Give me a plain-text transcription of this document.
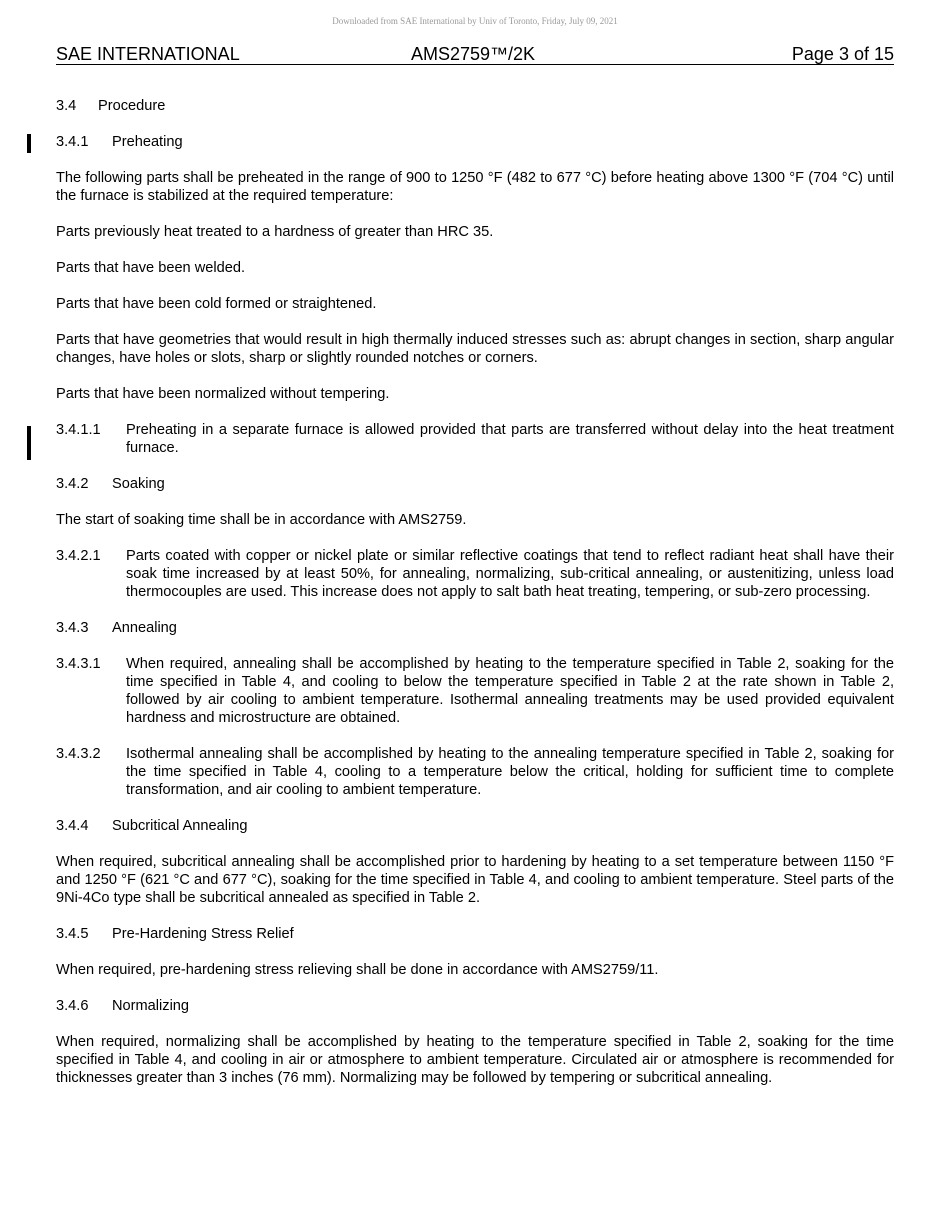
Downloaded from SAE International by Univ of Toronto, Friday, July 09, 2021
SAE INTERNATIONAL	AMS2759™/2K	Page 3 of 15

3.4 Procedure

3.4.1 Preheating

The following parts shall be preheated in the range of 900 to 1250 °F (482 to 677 °C) before heating above 1300 °F (704 °C) until the furnace is stabilized at the required temperature:

Parts previously heat treated to a hardness of greater than HRC 35.

Parts that have been welded.

Parts that have been cold formed or straightened.

Parts that have geometries that would result in high thermally induced stresses such as: abrupt changes in section, sharp angular changes, have holes or slots, sharp or slightly rounded notches or corners.

Parts that have been normalized without tempering.

3.4.1.1	Preheating in a separate furnace is allowed provided that parts are transferred without delay into the heat treatment furnace.

3.4.2 Soaking

The start of soaking time shall be in accordance with AMS2759.

3.4.2.1	Parts coated with copper or nickel plate or similar reflective coatings that tend to reflect radiant heat shall have their soak time increased by at least 50%, for annealing, normalizing, sub-critical annealing, or austenitizing, unless load thermocouples are used. This increase does not apply to salt bath heat treating, tempering, or sub-zero processing.

3.4.3 Annealing

3.4.3.1	When required, annealing shall be accomplished by heating to the temperature specified in Table 2, soaking for the time specified in Table 4, and cooling to below the temperature specified in Table 2 at the rate shown in Table 2, followed by air cooling to ambient temperature. Isothermal annealing treatments may be used provided equivalent hardness and microstructure are obtained.
3.4.3.2	Isothermal annealing shall be accomplished by heating to the annealing temperature specified in Table 2, soaking for the time specified in Table 4, cooling to a temperature below the critical, holding for sufficient time to complete transformation, and air cooling to ambient temperature.

3.4.4 Subcritical Annealing

When required, subcritical annealing shall be accomplished prior to hardening by heating to a set temperature between 1150 °F and 1250 °F (621 °C and 677 °C), soaking for the time specified in Table 4, and cooling to ambient temperature. Steel parts of the 9Ni-4Co type shall be subcritical annealed as specified in Table 2.

3.4.5 Pre-Hardening Stress Relief

When required, pre-hardening stress relieving shall be done in accordance with AMS2759/11.

3.4.6 Normalizing

When required, normalizing shall be accomplished by heating to the temperature specified in Table 2, soaking for the time specified in Table 4, and cooling in air or atmosphere to ambient temperature. Circulated air or atmosphere is recommended for thicknesses greater than 3 inches (76 mm). Normalizing may be followed by tempering or subcritical annealing.
